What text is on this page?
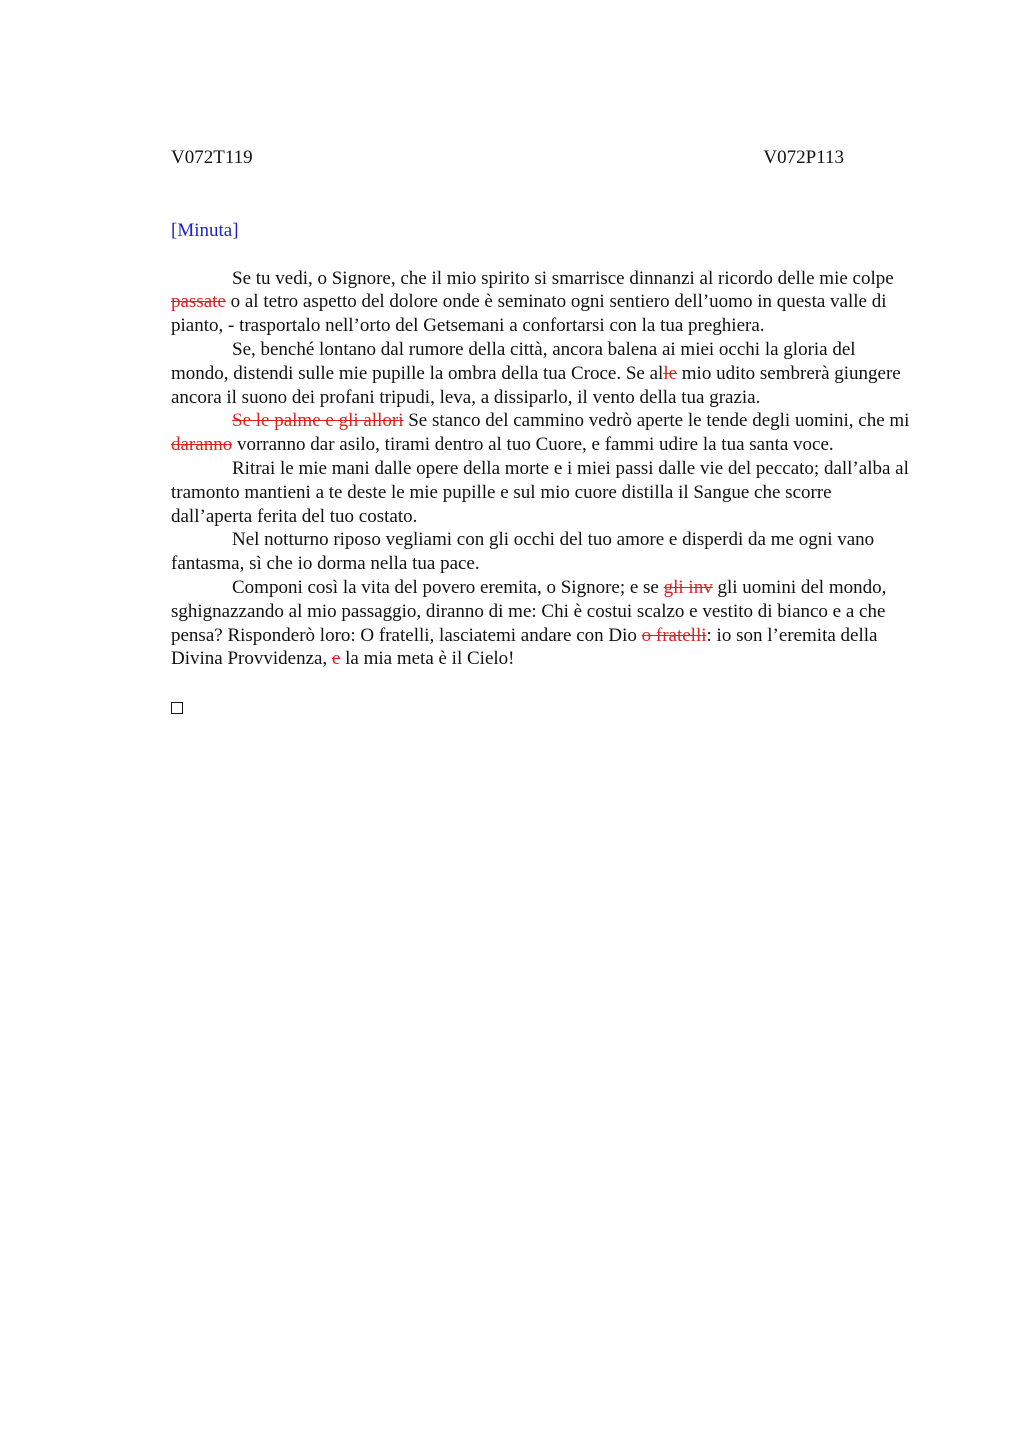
V072T119	V072P113
[Minuta]

Se tu vedi, o Signore, che il mio spirito si smarrisce dinnanzi al ricordo delle mie colpe passate o al tetro aspetto del dolore onde è seminato ogni sentiero dell’uomo in questa valle di pianto, - trasportalo nell’orto del Getsemani a confortarsi con la tua preghiera.

Se, benché lontano dal rumore della città, ancora balena ai miei occhi la gloria del mondo, distendi sulle mie pupille la ombra della tua Croce. Se alle mio udito sembrerà giungere ancora il suono dei profani tripudi, leva, a dissiparlo, il vento della tua grazia.

Se le palme e gli allori Se stanco del cammino vedrò aperte le tende degli uomini, che mi daranno vorranno dar asilo, tirami dentro al tuo Cuore, e fammi udire la tua santa voce.

Ritrai le mie mani dalle opere della morte e i miei passi dalle vie del peccato; dall’alba al tramonto mantieni a te deste le mie pupille e sul mio cuore distilla il Sangue che scorre dall’aperta ferita del tuo costato.

Nel notturno riposo vegliami con gli occhi del tuo amore e disperdi da me ogni vano fantasma, sì che io dorma nella tua pace.

Componi così la vita del povero eremita, o Signore; e se gli inv gli uomini del mondo, sghignazzando al mio passaggio, diranno di me: Chi è costui scalzo e vestito di bianco e a che pensa? Risponderò loro: O fratelli, lasciatemi andare con Dio o fratelli: io son l’eremita della Divina Provvidenza, e la mia meta è il Cielo!
